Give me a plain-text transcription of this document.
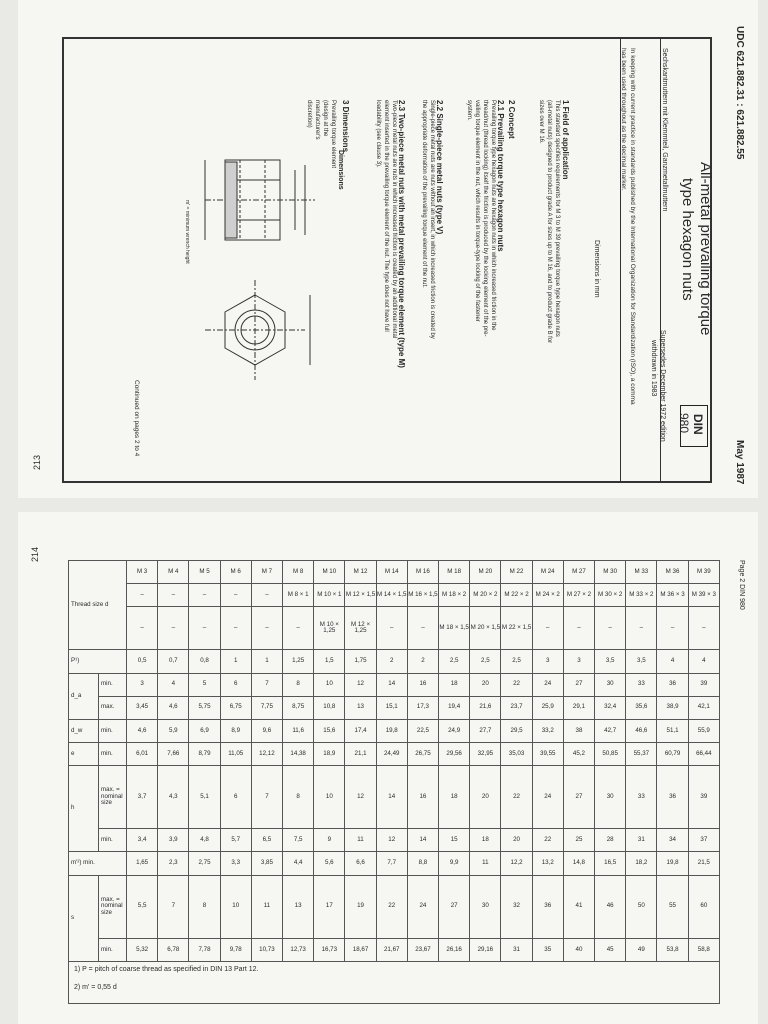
UDC 621.882.31 : 621.882.55
May 1987
All-metal prevailing torque
type hexagon nuts
DIN
980
Supersedes December 1972 edition
withdrawn in 1983
Sechskantmuttern mit Klemmteil, Ganzmetallmuttern
In keeping with current practice in standards published by the International Organization for Standardization (ISO), a comma
has been used throughout as the decimal marker.
Dimensions in mm
1 Field of application
This standard specifies requirements for M 3 to M 39 prevailing torque type hexagon nuts
(all-metal nuts) designed to product grade A for sizes up to M 16, and to product grade B for
sizes over M 16.
2 Concept
2.1 Prevailing torque type hexagon nuts
Prevailing torque type hexagon nuts are hexagon nuts in which increased friction in the
thread/nut (thread locking) itself the friction is produced by the locking element of the pre-
vailing torque element in the nut, which results in torque-type locking of the fastener
system.
2.2 Single-piece metal nuts (type V)
Single-piece metal nuts are nuts without an insert, in which increased friction is created by
the appropriate deformation of the prevailing torque element of the nut.
2.3 Two-piece metal nuts with metal prevailing torque element (type M)
Two-piece metal nuts are nuts in which increased friction is created by an additional metal
element inserted in the prevailing torque element of the nut. The type does not have full
loadability (see clause 3).
3 Dimensions
Prevailing torque element
(design at the
manufacturer's
discretion)
Dimensions
m' = minimum wrench height
Continued on pages 2 to 4
213
214
Page 2 DIN 980
Thread size d		M 3	M 4	M 5	M 6	M 7	M 8	M 10	M 12	M 14	M 16	M 18	M 20	M 22	M 24	M 27	M 30	M 33	M 36	M 39
		–	–	–	–	–	M 8 × 1	M 10 × 1	M 12 × 1,5	M 14 × 1,5	M 16 × 1,5	M 18 × 2	M 20 × 2	M 22 × 2	M 24 × 2	M 27 × 2	M 30 × 2	M 33 × 2	M 36 × 3	M 39 × 3
		–	–	–	–	–	–	M 10 × 1,25	M 12 × 1,25	–	–	M 18 × 1,5	M 20 × 1,5	M 22 × 1,5	–	–	–	–	–	–
P¹)		0,5	0,7	0,8	1	1	1,25	1,5	1,75	2	2	2,5	2,5	2,5	3	3	3,5	3,5	4	4
d_a	min.	3	4	5	6	7	8	10	12	14	16	18	20	22	24	27	30	33	36	39
	max.	3,45	4,6	5,75	6,75	7,75	8,75	10,8	13	15,1	17,3	19,4	21,6	23,7	25,9	29,1	32,4	35,6	38,9	42,1
d_w	min.	4,6	5,9	6,9	8,9	9,6	11,6	15,6	17,4	19,8	22,5	24,9	27,7	29,5	33,2	38	42,7	46,6	51,1	55,9
e	min.	6,01	7,66	8,79	11,05	12,12	14,38	18,9	21,1	24,49	26,75	29,56	32,95	35,03	39,55	45,2	50,85	55,37	60,79	66,44
h	max. = nominal size	3,7	4,3	5,1	6	7	8	10	12	14	16	18	20	22	24	27	30	33	36	39
	min.	3,4	3,9	4,8	5,7	6,5	7,5	9	11	12	14	15	18	20	22	25	28	31	34	37
m'²) min.		1,65	2,3	2,75	3,3	3,85	4,4	5,6	6,6	7,7	8,8	9,9	11	12,2	13,2	14,8	16,5	18,2	19,8	21,5
s	max. = nominal size	5,5	7	8	10	11	13	17	19	22	24	27	30	32	36	41	46	50	55	60
	min.	5,32	6,78	7,78	9,78	10,73	12,73	16,73	18,67	21,67	23,67	26,16	29,16	31	35	40	45	49	53,8	58,8
1) P = pitch of coarse thread as specified in DIN 13 Part 12.
2) m' = 0,55 d
